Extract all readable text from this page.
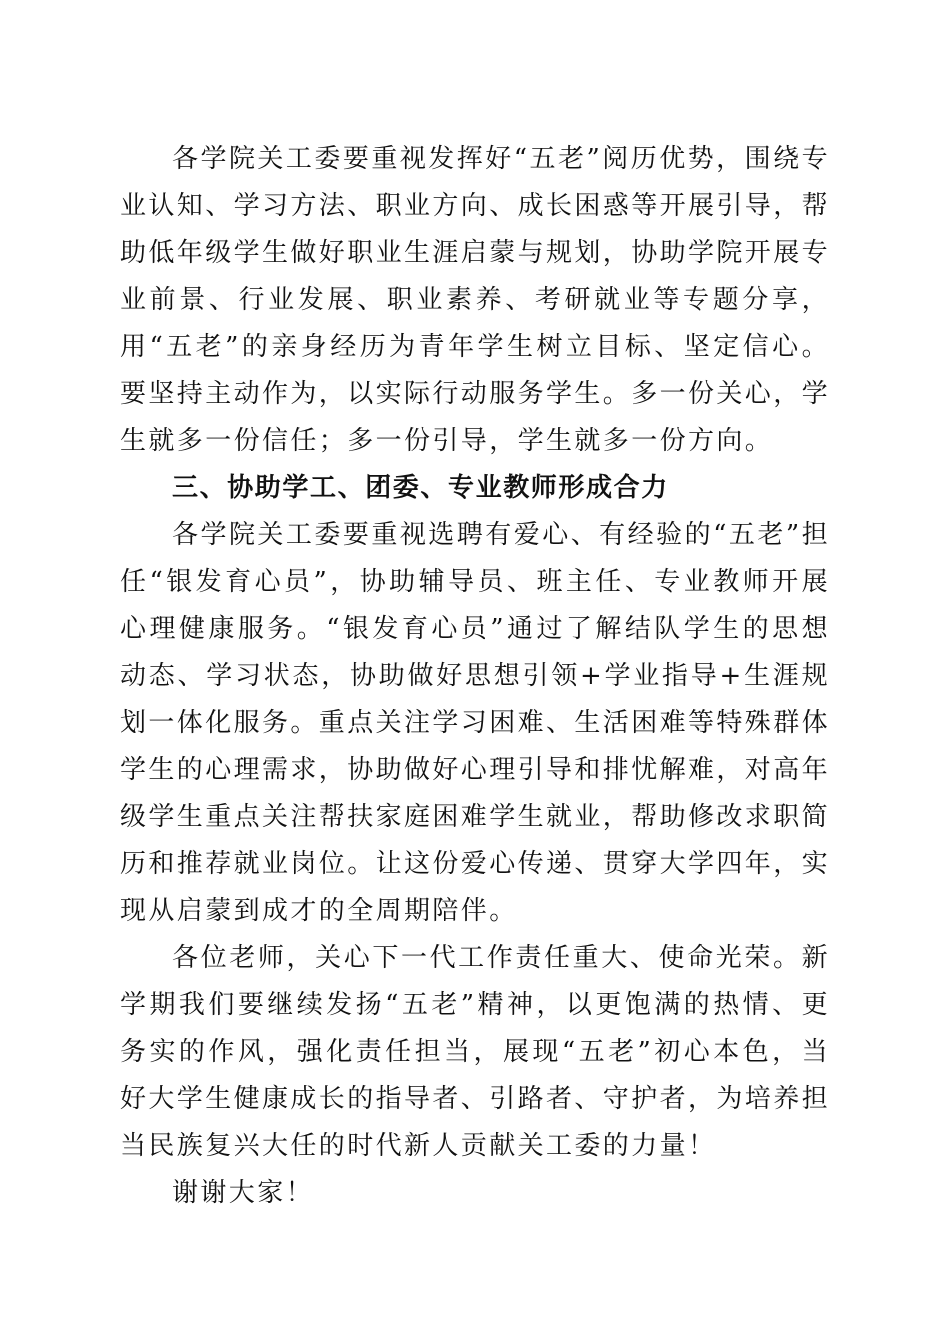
各学院关工委要重视发挥好“五老”阅历优势，围绕专业认知、学习方法、职业方向、成长困惑等开展引导，帮助低年级学生做好职业生涯启蒙与规划，协助学院开展专业前景、行业发展、职业素养、考研就业等专题分享，用“五老”的亲身经历为青年学生树立目标、坚定信心。要坚持主动作为，以实际行动服务学生。多一份关心，学生就多一份信任；多一份引导，学生就多一份方向。

三、协助学工、团委、专业教师形成合力

各学院关工委要重视选聘有爱心、有经验的“五老”担任“银发育心员”，协助辅导员、班主任、专业教师开展心理健康服务。“银发育心员”通过了解结队学生的思想动态、学习状态，协助做好思想引领+学业指导+生涯规划一体化服务。重点关注学习困难、生活困难等特殊群体学生的心理需求，协助做好心理引导和排忧解难，对高年级学生重点关注帮扶家庭困难学生就业，帮助修改求职简历和推荐就业岗位。让这份爱心传递、贯穿大学四年，实现从启蒙到成才的全周期陪伴。

各位老师，关心下一代工作责任重大、使命光荣。新学期我们要继续发扬“五老”精神，以更饱满的热情、更务实的作风，强化责任担当，展现“五老”初心本色，当好大学生健康成长的指导者、引路者、守护者，为培养担当民族复兴大任的时代新人贡献关工委的力量！

谢谢大家！
